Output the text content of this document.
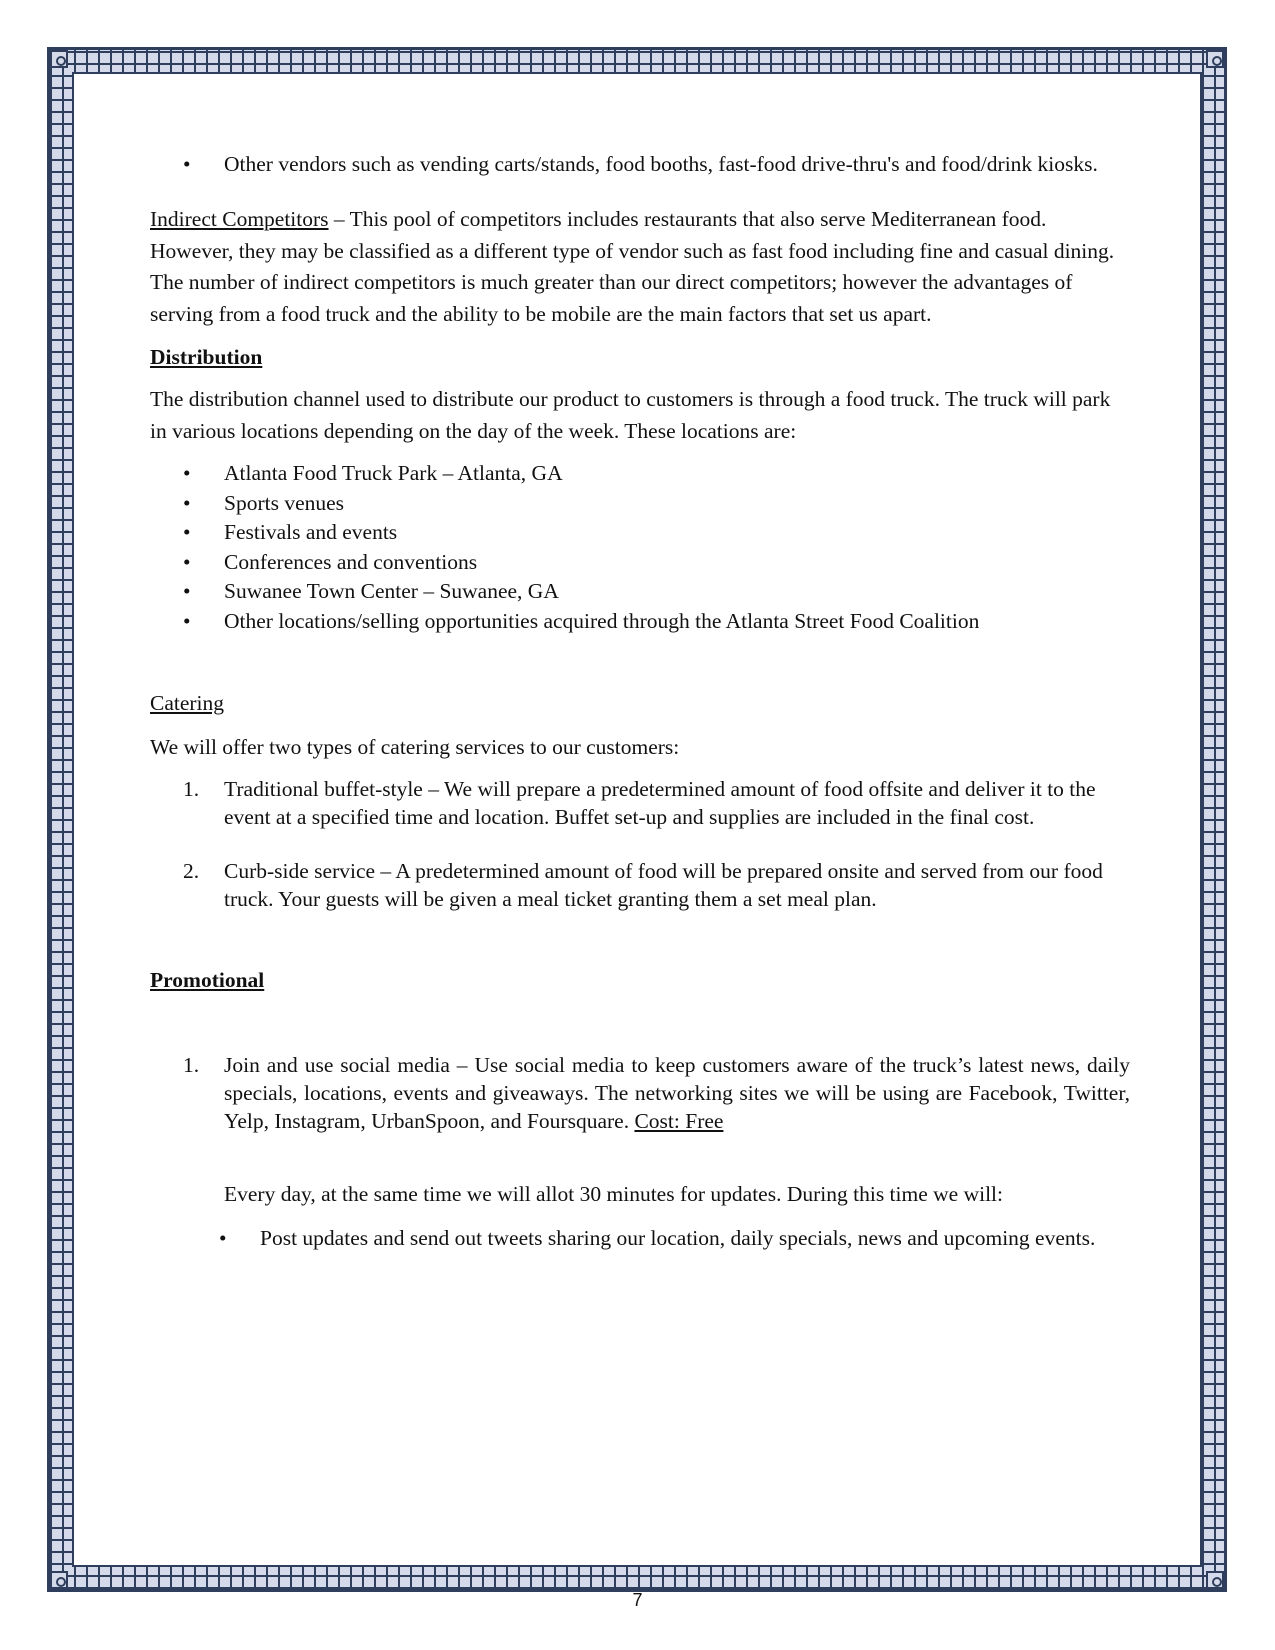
• Other vendors such as vending carts/stands, food booths, fast-food drive-thru's and food/drink kiosks.

Indirect Competitors – This pool of competitors includes restaurants that also serve Mediterranean food. However, they may be classified as a different type of vendor such as fast food including fine and casual dining. The number of indirect competitors is much greater than our direct competitors; however the advantages of serving from a food truck and the ability to be mobile are the main factors that set us apart.

Distribution

The distribution channel used to distribute our product to customers is through a food truck. The truck will park in various locations depending on the day of the week. These locations are:

• Atlanta Food Truck Park – Atlanta, GA
• Sports venues
• Festivals and events
• Conferences and conventions
• Suwanee Town Center – Suwanee, GA
• Other locations/selling opportunities acquired through the Atlanta Street Food Coalition

Catering

We will offer two types of catering services to our customers:

1. Traditional buffet-style – We will prepare a predetermined amount of food offsite and deliver it to the event at a specified time and location. Buffet set-up and supplies are included in the final cost.
2. Curb-side service – A predetermined amount of food will be prepared onsite and served from our food truck. Your guests will be given a meal ticket granting them a set meal plan.

Promotional

1. Join and use social media – Use social media to keep customers aware of the truck’s latest news, daily specials, locations, events and giveaways. The networking sites we will be using are Facebook, Twitter, Yelp, Instagram, UrbanSpoon, and Foursquare. Cost: Free

Every day, at the same time we will allot 30 minutes for updates. During this time we will:

• Post updates and send out tweets sharing our location, daily specials, news and upcoming events.
7
